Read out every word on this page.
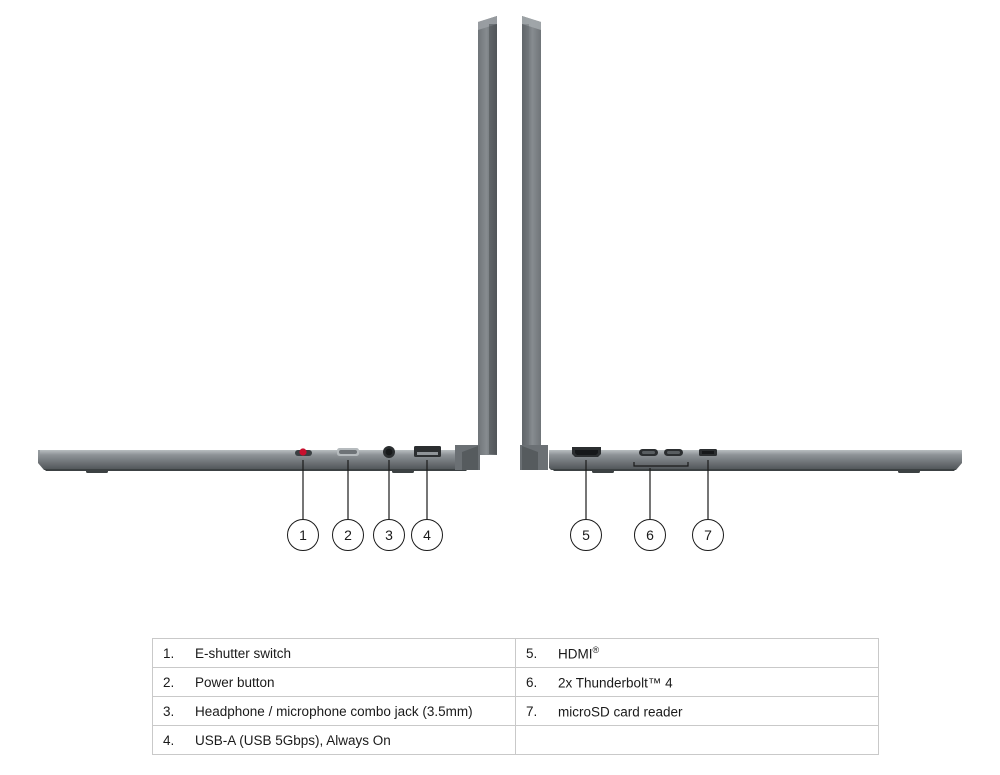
1	2	3	4	5	6	7
1.	E-shutter switch	5.	HDMI®
2.	Power button	6.	2x Thunderbolt™ 4
3.	Headphone / microphone combo jack (3.5mm)	7.	microSD card reader
4.	USB-A (USB 5Gbps), Always On		
